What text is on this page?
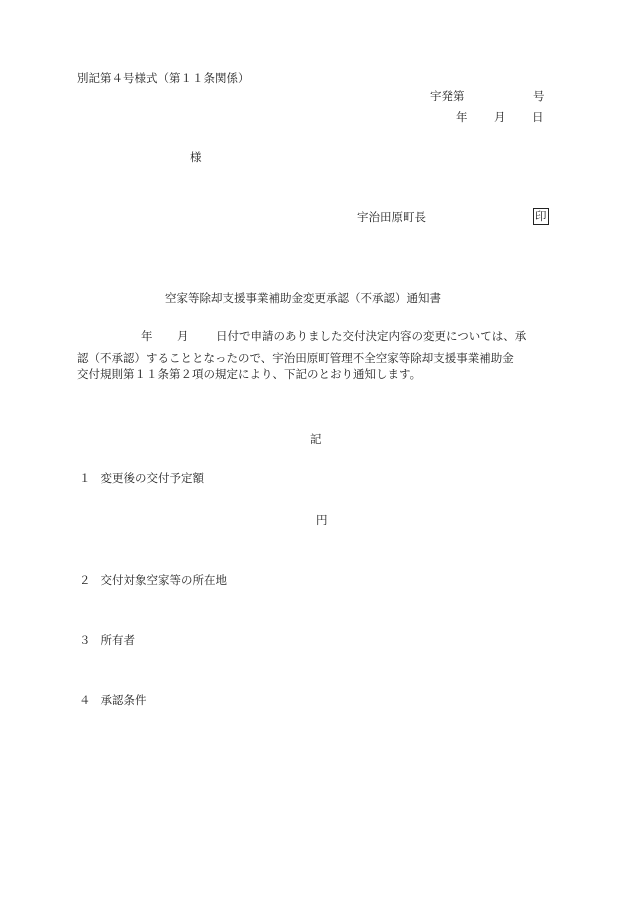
別記第４号様式（第１１条関係）
宇発第	号
年 月 日
様
宇治田原町長	印
空家等除却支援事業補助金変更承認（不承認）通知書
年 月 日付で申請のありました交付決定内容の変更については、承
認（不承認）することとなったので、宇治田原町管理不全空家等除却支援事業補助金
交付規則第１１条第２項の規定により、下記のとおり通知します。
記
１ 変更後の交付予定額
円
２ 交付対象空家等の所在地
３ 所有者
４ 承認条件
